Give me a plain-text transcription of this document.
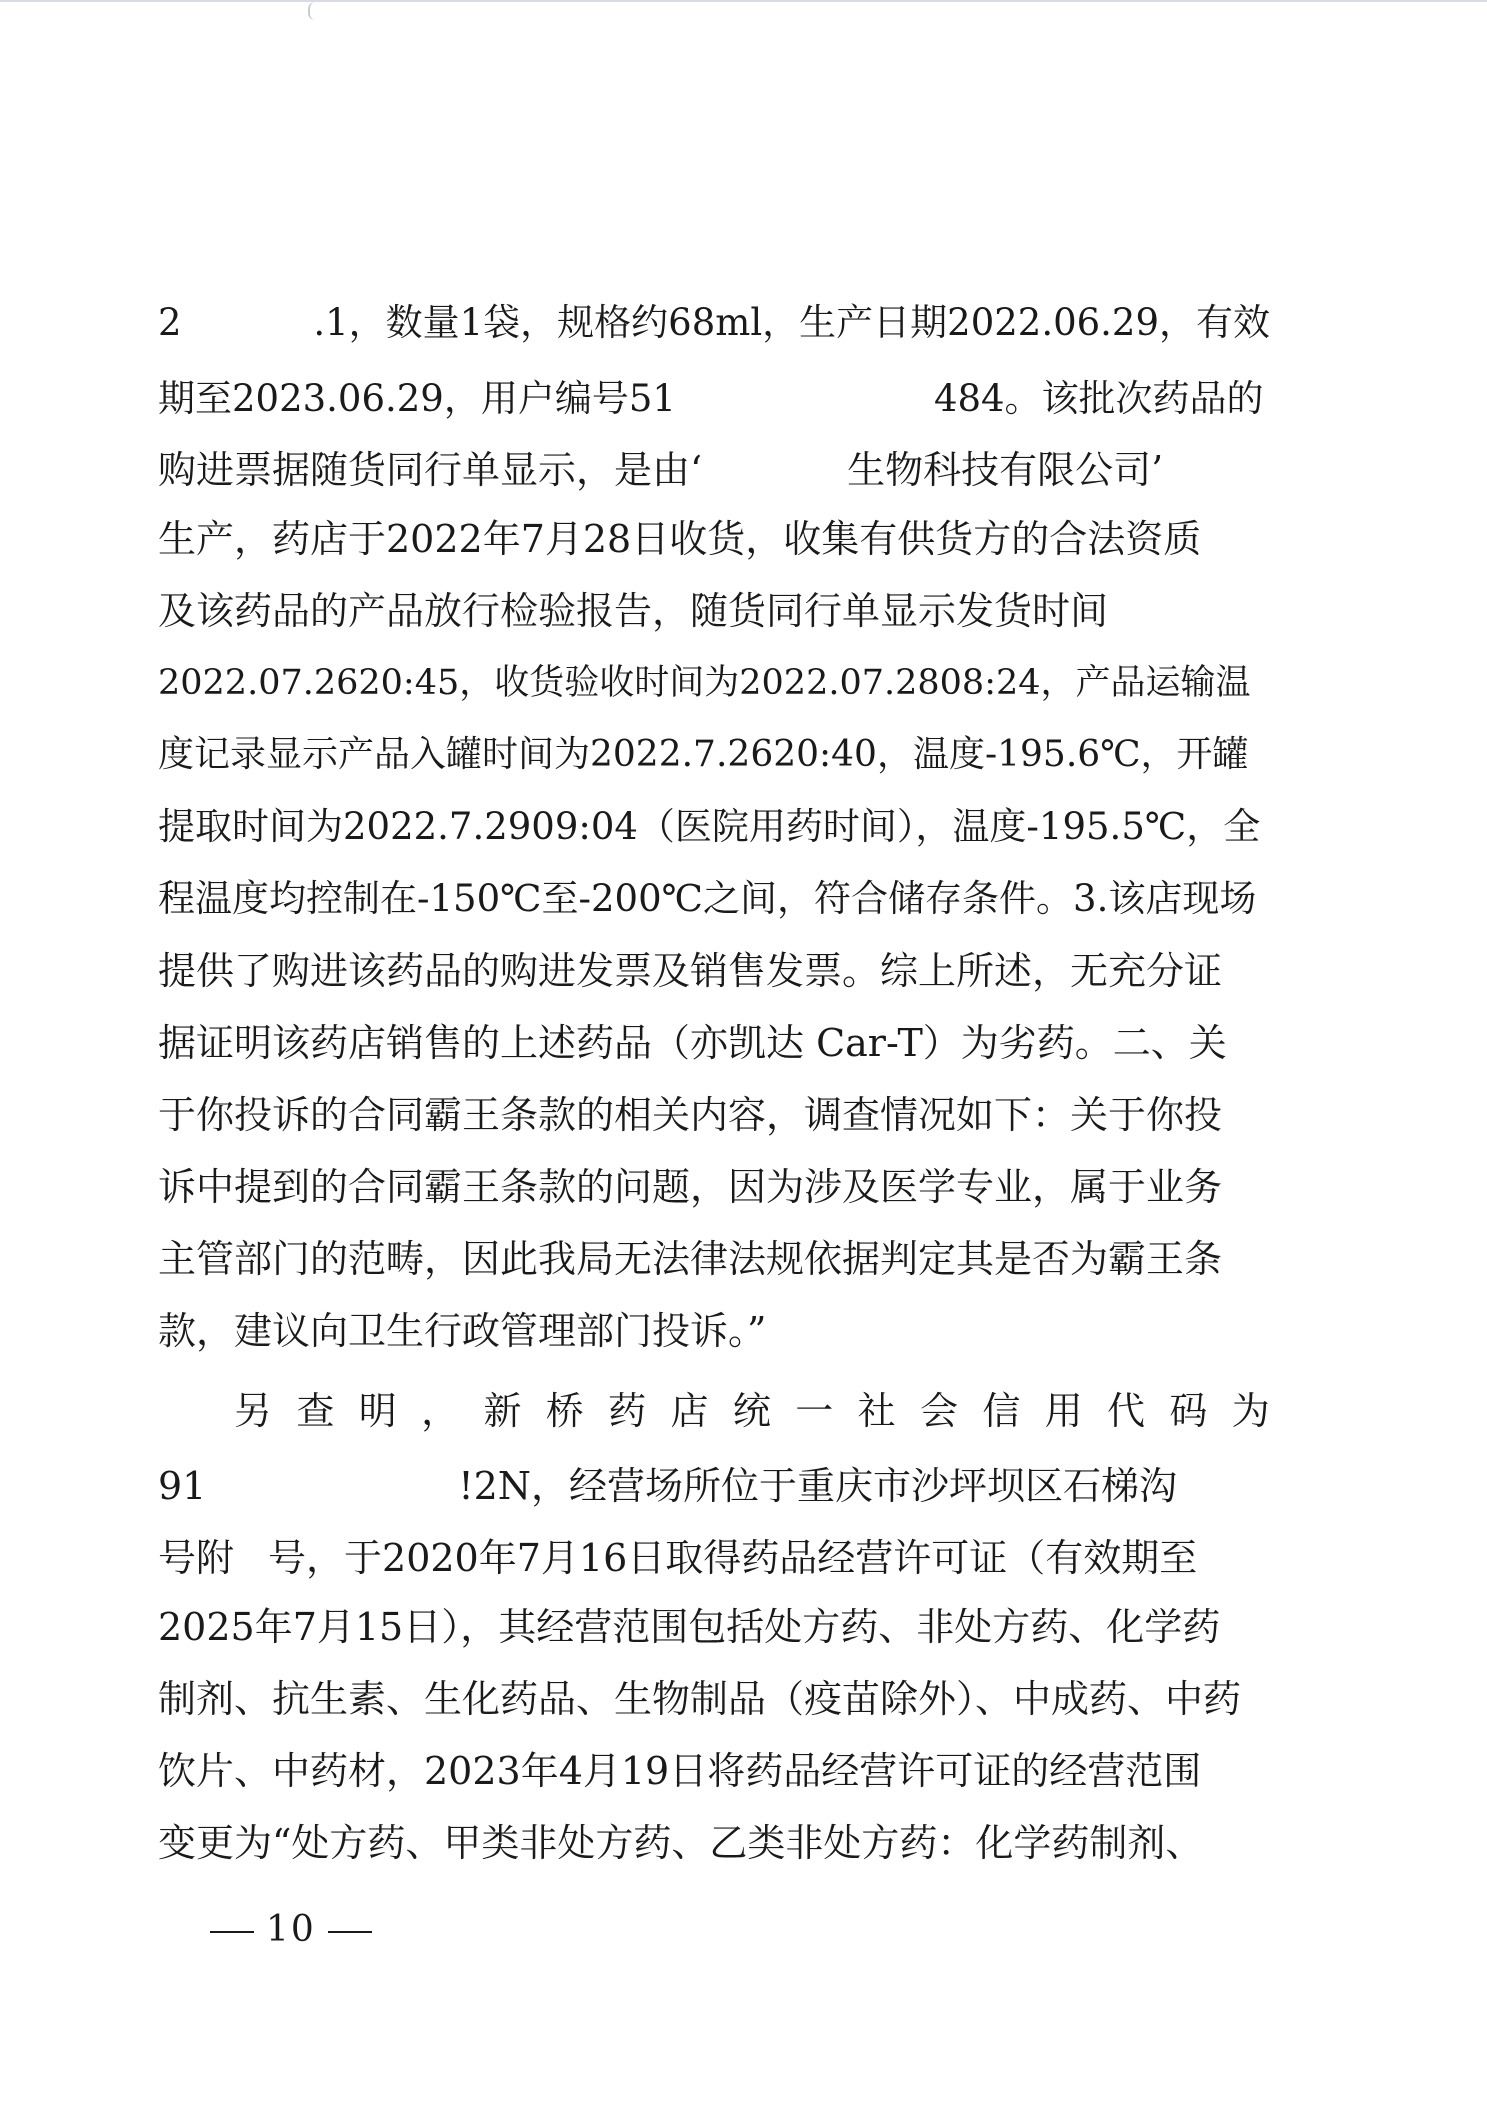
2	.1，数量1袋，规格约68ml，生产日期2022.06.29，有效
期至2023.06.29，用户编号51	484。该批次药品的
购进票据随货同行单显示，是由‘	生物科技有限公司’
生产，药店于2022年7月28日收货，收集有供货方的合法资质
及该药品的产品放行检验报告，随货同行单显示发货时间
2022.07.2620:45，收货验收时间为2022.07.2808:24，产品运输温
度记录显示产品入罐时间为2022.7.2620:40，温度-195.6℃，开罐
提取时间为2022.7.2909:04（医院用药时间），温度-195.5℃，全
程温度均控制在-150℃至-200℃之间，符合储存条件。3.该店现场
提供了购进该药品的购进发票及销售发票。综上所述，无充分证
据证明该药店销售的上述药品（亦凯达 Car-T）为劣药。二、关
于你投诉的合同霸王条款的相关内容，调查情况如下：关于你投
诉中提到的合同霸王条款的问题，因为涉及医学专业，属于业务
主管部门的范畴，因此我局无法律法规依据判定其是否为霸王条
款，建议向卫生行政管理部门投诉。”
另 查 明 ， 新 桥 药 店 统 一 社 会 信 用 代 码 为
91	!2N，经营场所位于重庆市沙坪坝区石梯沟
号附 号，于2020年7月16日取得药品经营许可证（有效期至
2025年7月15日），其经营范围包括处方药、非处方药、化学药
制剂、抗生素、生化药品、生物制品（疫苗除外）、中成药、中药
饮片、中药材，2023年4月19日将药品经营许可证的经营范围
变更为“处方药、甲类非处方药、乙类非处方药：化学药制剂、
10
